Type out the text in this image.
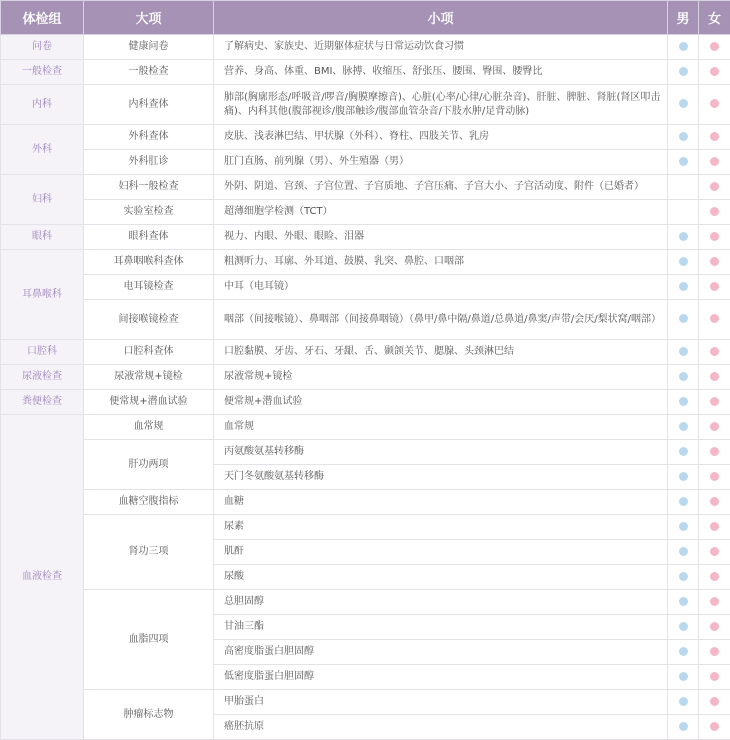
体检组	大项	小项	男	女
问卷	健康问卷	了解病史、家族史、近期躯体症状与日常运动饮食习惯		
一般检查	一般检查	营养、身高、体重、BMI、脉搏、收缩压、舒张压、腰围、臀围、腰臀比		
内科	内科查体	肺部(胸廓形态/呼吸音/啰音/胸膜摩擦音)、心脏(心率/心律/心脏杂音)、肝脏、脾脏、肾脏(肾区叩击痛)、内科其他(腹部视诊/腹部触诊/腹部血管杂音/下肢水肿/足背动脉)		
外科	外科查体	皮肤、浅表淋巴结、甲状腺（外科）、脊柱、四肢关节、乳房		
	外科肛诊	肛门直肠、前列腺（男）、外生殖器（男）		
妇科	妇科一般检查	外阴、阴道、宫颈、子宫位置、子宫质地、子宫压痛、子宫大小、子宫活动度、附件（已婚者）		
	实验室检查	超薄细胞学检测（TCT）		
眼科	眼科查体	视力、内眼、外眼、眼睑、泪器		
耳鼻喉科	耳鼻咽喉科查体	粗测听力、耳廓、外耳道、鼓膜、乳突、鼻腔、口咽部		
	电耳镜检查	中耳（电耳镜）		
	间接喉镜检查	咽部（间接喉镜）、鼻咽部（间接鼻咽镜）（鼻甲/鼻中隔/鼻道/总鼻道/鼻窦/声带/会厌/梨状窝/咽部）		
口腔科	口腔科查体	口腔黏膜、牙齿、牙石、牙龈、舌、颞颌关节、腮腺、头颈淋巴结		
尿液检查	尿液常规+镜检	尿液常规+镜检		
粪便检查	便常规+潜血试验	便常规+潜血试验		
血液检查	血常规	血常规		
	肝功两项	丙氨酸氨基转移酶		
		天门冬氨酸氨基转移酶		
	血糖空腹指标	血糖		
	肾功三项	尿素		
		肌酐		
		尿酸		
	血脂四项	总胆固醇		
		甘油三酯		
		高密度脂蛋白胆固醇		
		低密度脂蛋白胆固醇		
	肿瘤标志物	甲胎蛋白		
		癌胚抗原		
